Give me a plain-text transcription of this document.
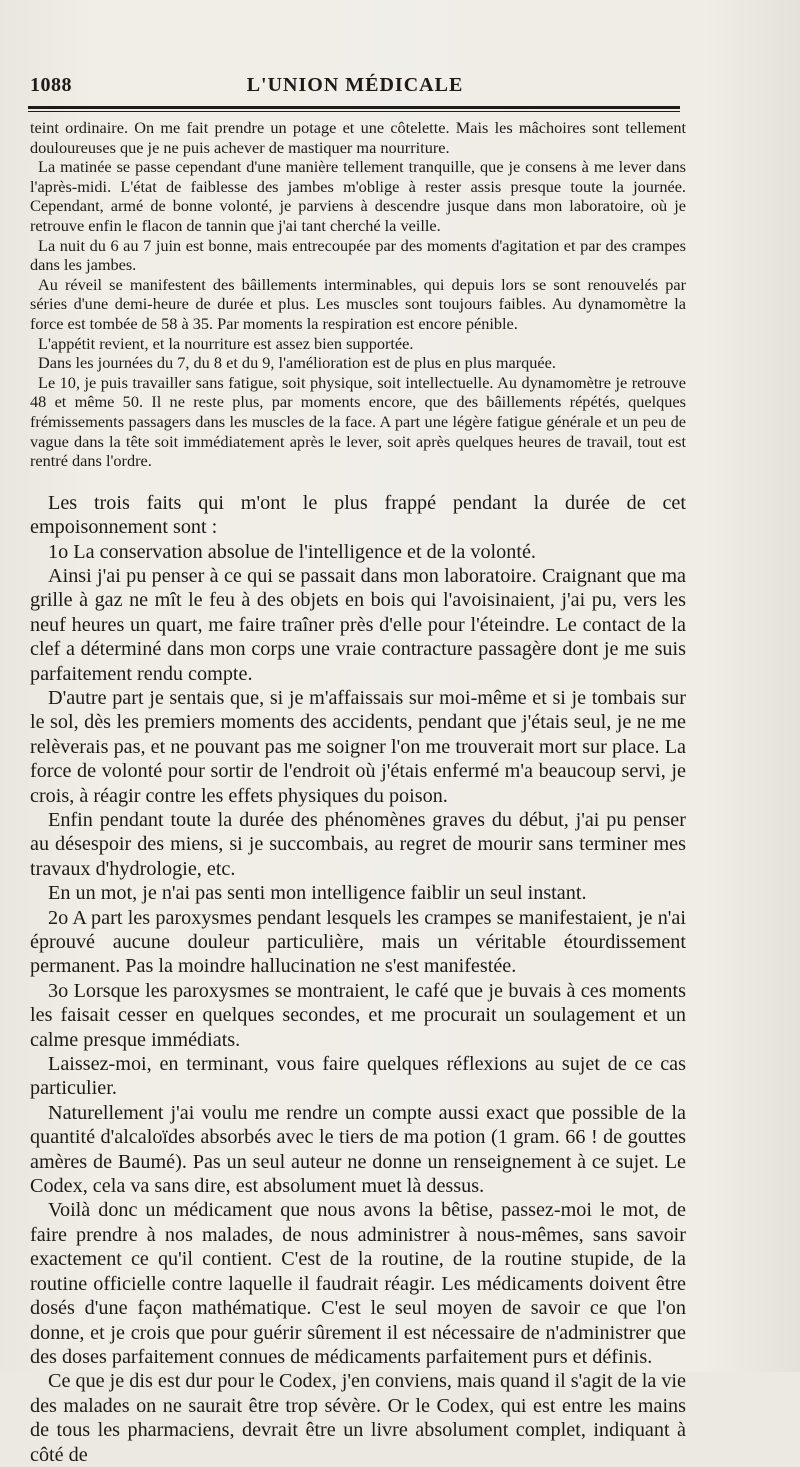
1088	L'UNION MÉDICALE

teint ordinaire. On me fait prendre un potage et une côtelette. Mais les mâchoires sont tellement douloureuses que je ne puis achever de mastiquer ma nourriture.

La matinée se passe cependant d'une manière tellement tranquille, que je consens à me lever dans l'après-midi. L'état de faiblesse des jambes m'oblige à rester assis presque toute la journée. Cependant, armé de bonne volonté, je parviens à descendre jusque dans mon laboratoire, où je retrouve enfin le flacon de tannin que j'ai tant cherché la veille.

La nuit du 6 au 7 juin est bonne, mais entrecoupée par des moments d'agitation et par des crampes dans les jambes.

Au réveil se manifestent des bâillements interminables, qui depuis lors se sont renouvelés par séries d'une demi-heure de durée et plus. Les muscles sont toujours faibles. Au dynamomètre la force est tombée de 58 à 35. Par moments la respiration est encore pénible.

L'appétit revient, et la nourriture est assez bien supportée.

Dans les journées du 7, du 8 et du 9, l'amélioration est de plus en plus marquée.

Le 10, je puis travailler sans fatigue, soit physique, soit intellectuelle. Au dynamomètre je retrouve 48 et même 50. Il ne reste plus, par moments encore, que des bâillements répétés, quelques frémissements passagers dans les muscles de la face. A part une légère fatigue générale et un peu de vague dans la tête soit immédiatement après le lever, soit après quelques heures de travail, tout est rentré dans l'ordre.

Les trois faits qui m'ont le plus frappé pendant la durée de cet empoisonnement sont :

1o La conservation absolue de l'intelligence et de la volonté.

Ainsi j'ai pu penser à ce qui se passait dans mon laboratoire. Craignant que ma grille à gaz ne mît le feu à des objets en bois qui l'avoisinaient, j'ai pu, vers les neuf heures un quart, me faire traîner près d'elle pour l'éteindre. Le contact de la clef a déterminé dans mon corps une vraie contracture passagère dont je me suis parfaitement rendu compte.

D'autre part je sentais que, si je m'affaissais sur moi-même et si je tombais sur le sol, dès les premiers moments des accidents, pendant que j'étais seul, je ne me relèverais pas, et ne pouvant pas me soigner l'on me trouverait mort sur place. La force de volonté pour sortir de l'endroit où j'étais enfermé m'a beaucoup servi, je crois, à réagir contre les effets physiques du poison.

Enfin pendant toute la durée des phénomènes graves du début, j'ai pu penser au désespoir des miens, si je succombais, au regret de mourir sans terminer mes travaux d'hydrologie, etc.

En un mot, je n'ai pas senti mon intelligence faiblir un seul instant.

2o A part les paroxysmes pendant lesquels les crampes se manifestaient, je n'ai éprouvé aucune douleur particulière, mais un véritable étourdissement permanent. Pas la moindre hallucination ne s'est manifestée.

3o Lorsque les paroxysmes se montraient, le café que je buvais à ces moments les faisait cesser en quelques secondes, et me procurait un soulagement et un calme presque immédiats.

Laissez-moi, en terminant, vous faire quelques réflexions au sujet de ce cas particulier.

Naturellement j'ai voulu me rendre un compte aussi exact que possible de la quantité d'alcaloïdes absorbés avec le tiers de ma potion (1 gram. 66 ! de gouttes amères de Baumé). Pas un seul auteur ne donne un renseignement à ce sujet. Le Codex, cela va sans dire, est absolument muet là dessus.

Voilà donc un médicament que nous avons la bêtise, passez-moi le mot, de faire prendre à nos malades, de nous administrer à nous-mêmes, sans savoir exactement ce qu'il contient. C'est de la routine, de la routine stupide, de la routine officielle contre laquelle il faudrait réagir. Les médicaments doivent être dosés d'une façon mathématique. C'est le seul moyen de savoir ce que l'on donne, et je crois que pour guérir sûrement il est nécessaire de n'administrer que des doses parfaitement connues de médicaments parfaitement purs et définis.

Ce que je dis est dur pour le Codex, j'en conviens, mais quand il s'agit de la vie des malades on ne saurait être trop sévère. Or le Codex, qui est entre les mains de tous les pharmaciens, devrait être un livre absolument complet, indiquant à côté de
